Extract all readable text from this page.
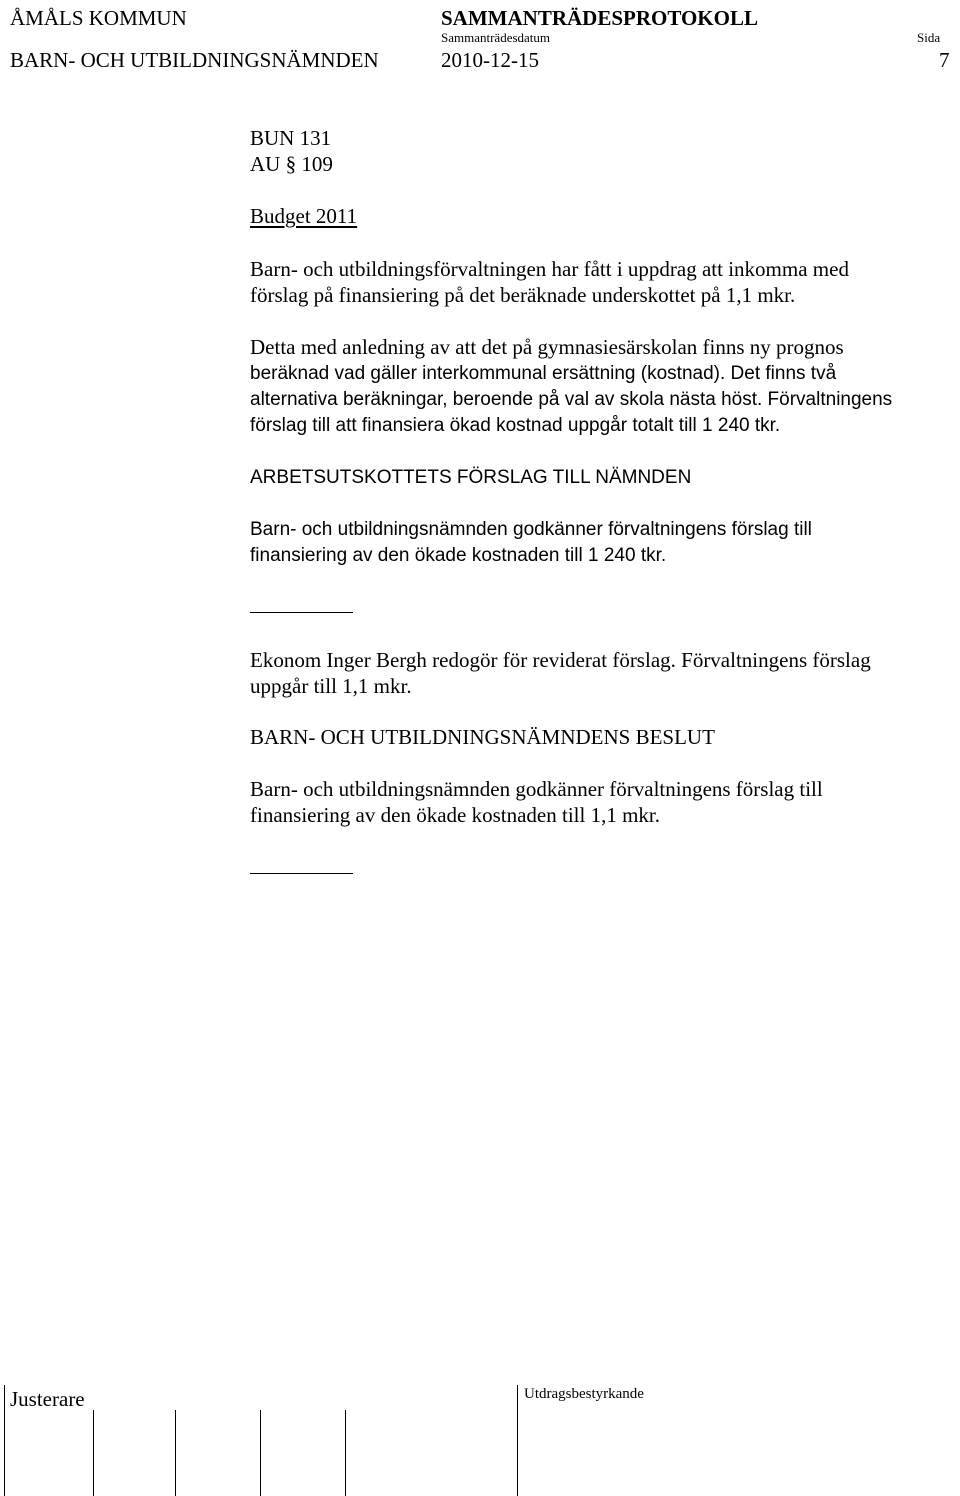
ÅMÅLS KOMMUN	SAMMANTRÄDESPROTOKOLL
Sammanträdesdatum	Sida
BARN- OCH UTBILDNINGSNÄMNDEN	2010-12-15	7
BUN 131
AU § 109
Budget 2011
Barn- och utbildningsförvaltningen har fått i uppdrag att inkomma med
förslag på finansiering på det beräknade underskottet på 1,1 mkr.
Detta med anledning av att det på gymnasiesärskolan finns ny prognos
beräknad vad gäller interkommunal ersättning (kostnad). Det finns två
alternativa beräkningar, beroende på val av skola nästa höst. Förvaltningens
förslag till att finansiera ökad kostnad uppgår totalt till 1 240 tkr.
ARBETSUTSKOTTETS FÖRSLAG TILL NÄMNDEN
Barn- och utbildningsnämnden godkänner förvaltningens förslag till
finansiering av den ökade kostnaden till 1 240 tkr.
Ekonom Inger Bergh redogör för reviderat förslag. Förvaltningens förslag
uppgår till 1,1 mkr.
BARN- OCH UTBILDNINGSNÄMNDENS BESLUT
Barn- och utbildningsnämnden godkänner förvaltningens förslag till
finansiering av den ökade kostnaden till 1,1 mkr.
Justerare	Utdragsbestyrkande
